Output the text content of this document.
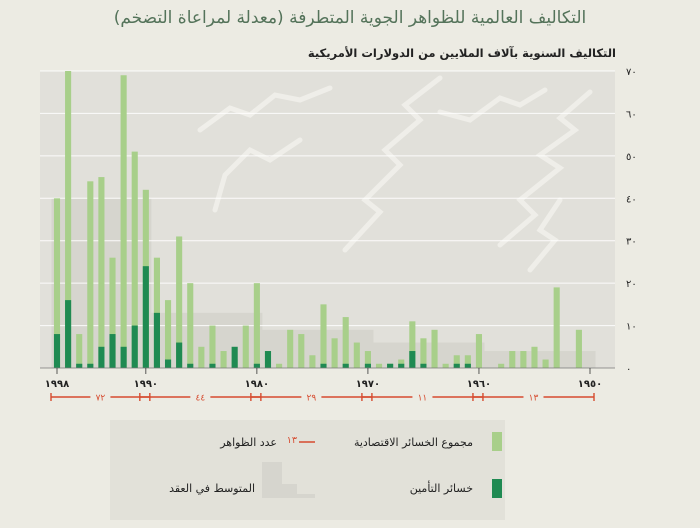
التكاليف العالمية للظواهر الجوية المتطرفة (معدلة لمراعاة التضخم)
التكاليف السنوية بآلاف الملايين من الدولارات الأمريكية
٠
١٠
٢٠
٣٠
٤٠
٥٠
٦٠
٧٠
١٩٥٠
١٩٦٠
١٩٧٠
١٩٨٠
١٩٩٠
١٩٩٨
١٣
١١
٢٩
٤٤
٧٢
مجموع الخسائر الاقتصادية
خسائر التأمين
١٣
عدد الظواهر
المتوسط في العقد
